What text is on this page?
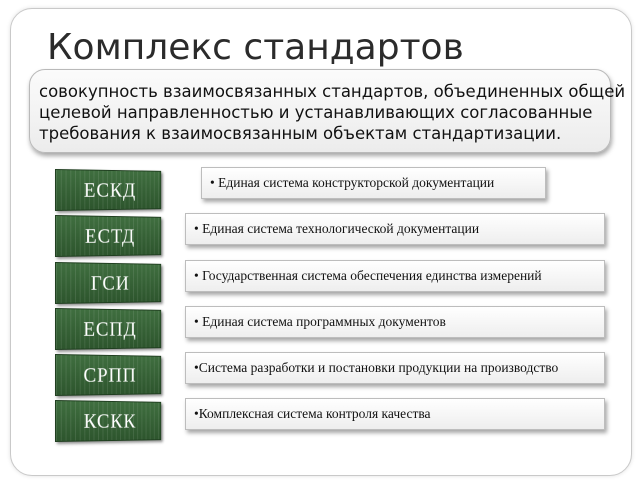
Комплекс стандартов
совокупность взаимосвязанных стандартов, объединенных общей целевой направленностью и устанавливающих согласованные требования к взаимосвязанным объектам стандартизации.
ЕСКД	• Единая система конструкторской документации
ЕСТД	• Единая система технологической документации
ГСИ	• Государственная система обеспечения единства измерений
ЕСПД	• Единая система программных документов
СРПП	•Система разработки и постановки продукции на производство
КСКК	•Комплексная система контроля качества
